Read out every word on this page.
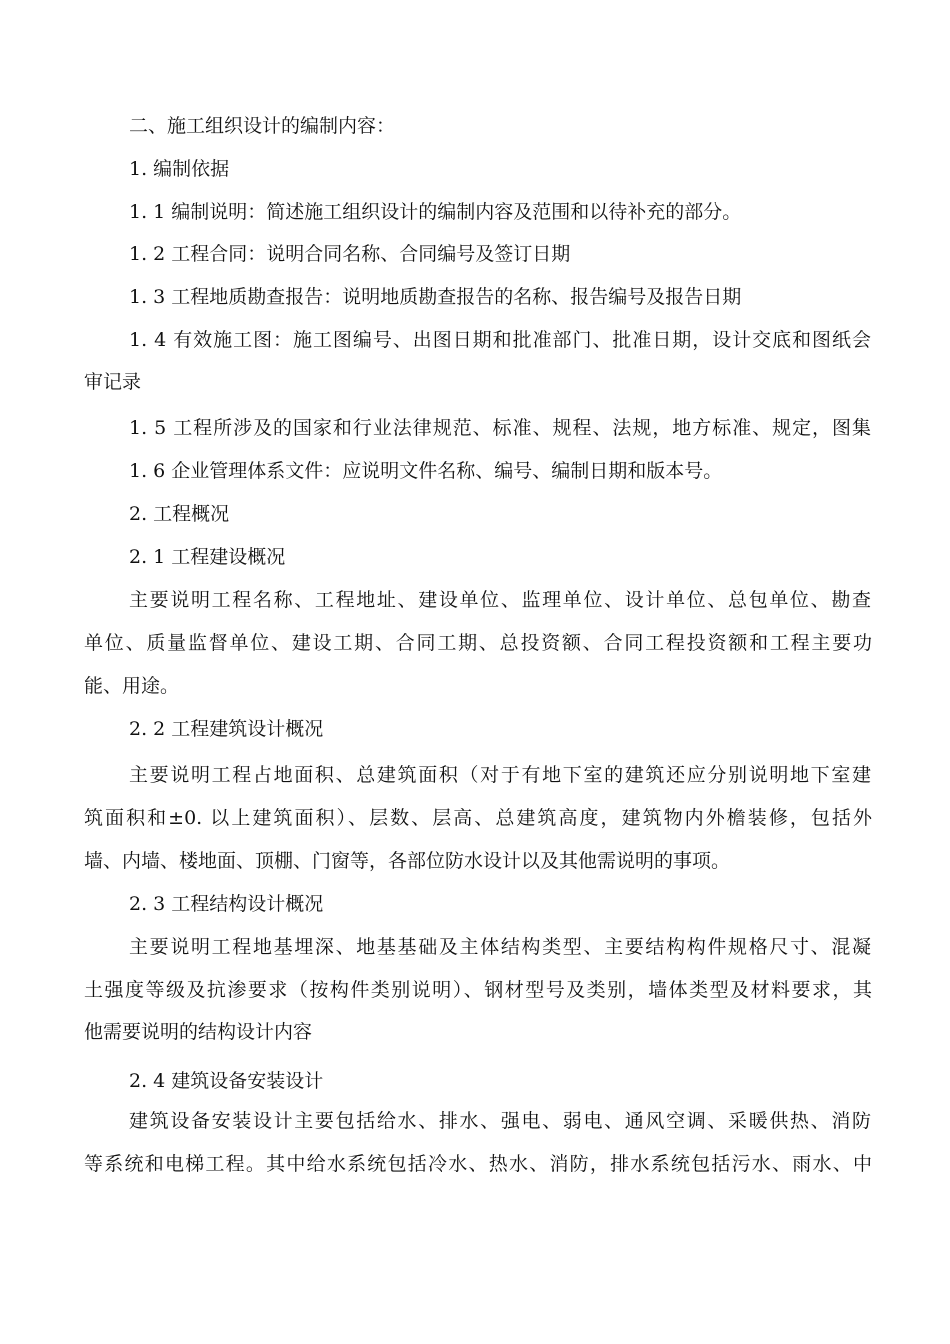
二、施工组织设计的编制内容：
1. 编制依据
1. 1 编制说明：简述施工组织设计的编制内容及范围和以待补充的部分。
1. 2 工程合同：说明合同名称、合同编号及签订日期
1. 3 工程地质勘查报告：说明地质勘查报告的名称、报告编号及报告日期
1. 4 有效施工图：施工图编号、出图日期和批准部门、批准日期，设计交底和图纸会
审记录
1. 5 工程所涉及的国家和行业法律规范、标准、规程、法规，地方标准、规定，图集
1. 6 企业管理体系文件：应说明文件名称、编号、编制日期和版本号。
2. 工程概况
2. 1 工程建设概况
主要说明工程名称、工程地址、建设单位、监理单位、设计单位、总包单位、勘查
单位、质量监督单位、建设工期、合同工期、总投资额、合同工程投资额和工程主要功
能、用途。
2. 2 工程建筑设计概况
主要说明工程占地面积、总建筑面积（对于有地下室的建筑还应分别说明地下室建
筑面积和±0. 以上建筑面积）、层数、层高、总建筑高度，建筑物内外檐装修，包括外
墙、内墙、楼地面、顶棚、门窗等，各部位防水设计以及其他需说明的事项。
2. 3 工程结构设计概况
主要说明工程地基埋深、地基基础及主体结构类型、主要结构构件规格尺寸、混凝
土强度等级及抗渗要求（按构件类别说明）、钢材型号及类别，墙体类型及材料要求，其
他需要说明的结构设计内容
2. 4 建筑设备安装设计
建筑设备安装设计主要包括给水、排水、强电、弱电、通风空调、采暖供热、消防
等系统和电梯工程。其中给水系统包括冷水、热水、消防，排水系统包括污水、雨水、中
